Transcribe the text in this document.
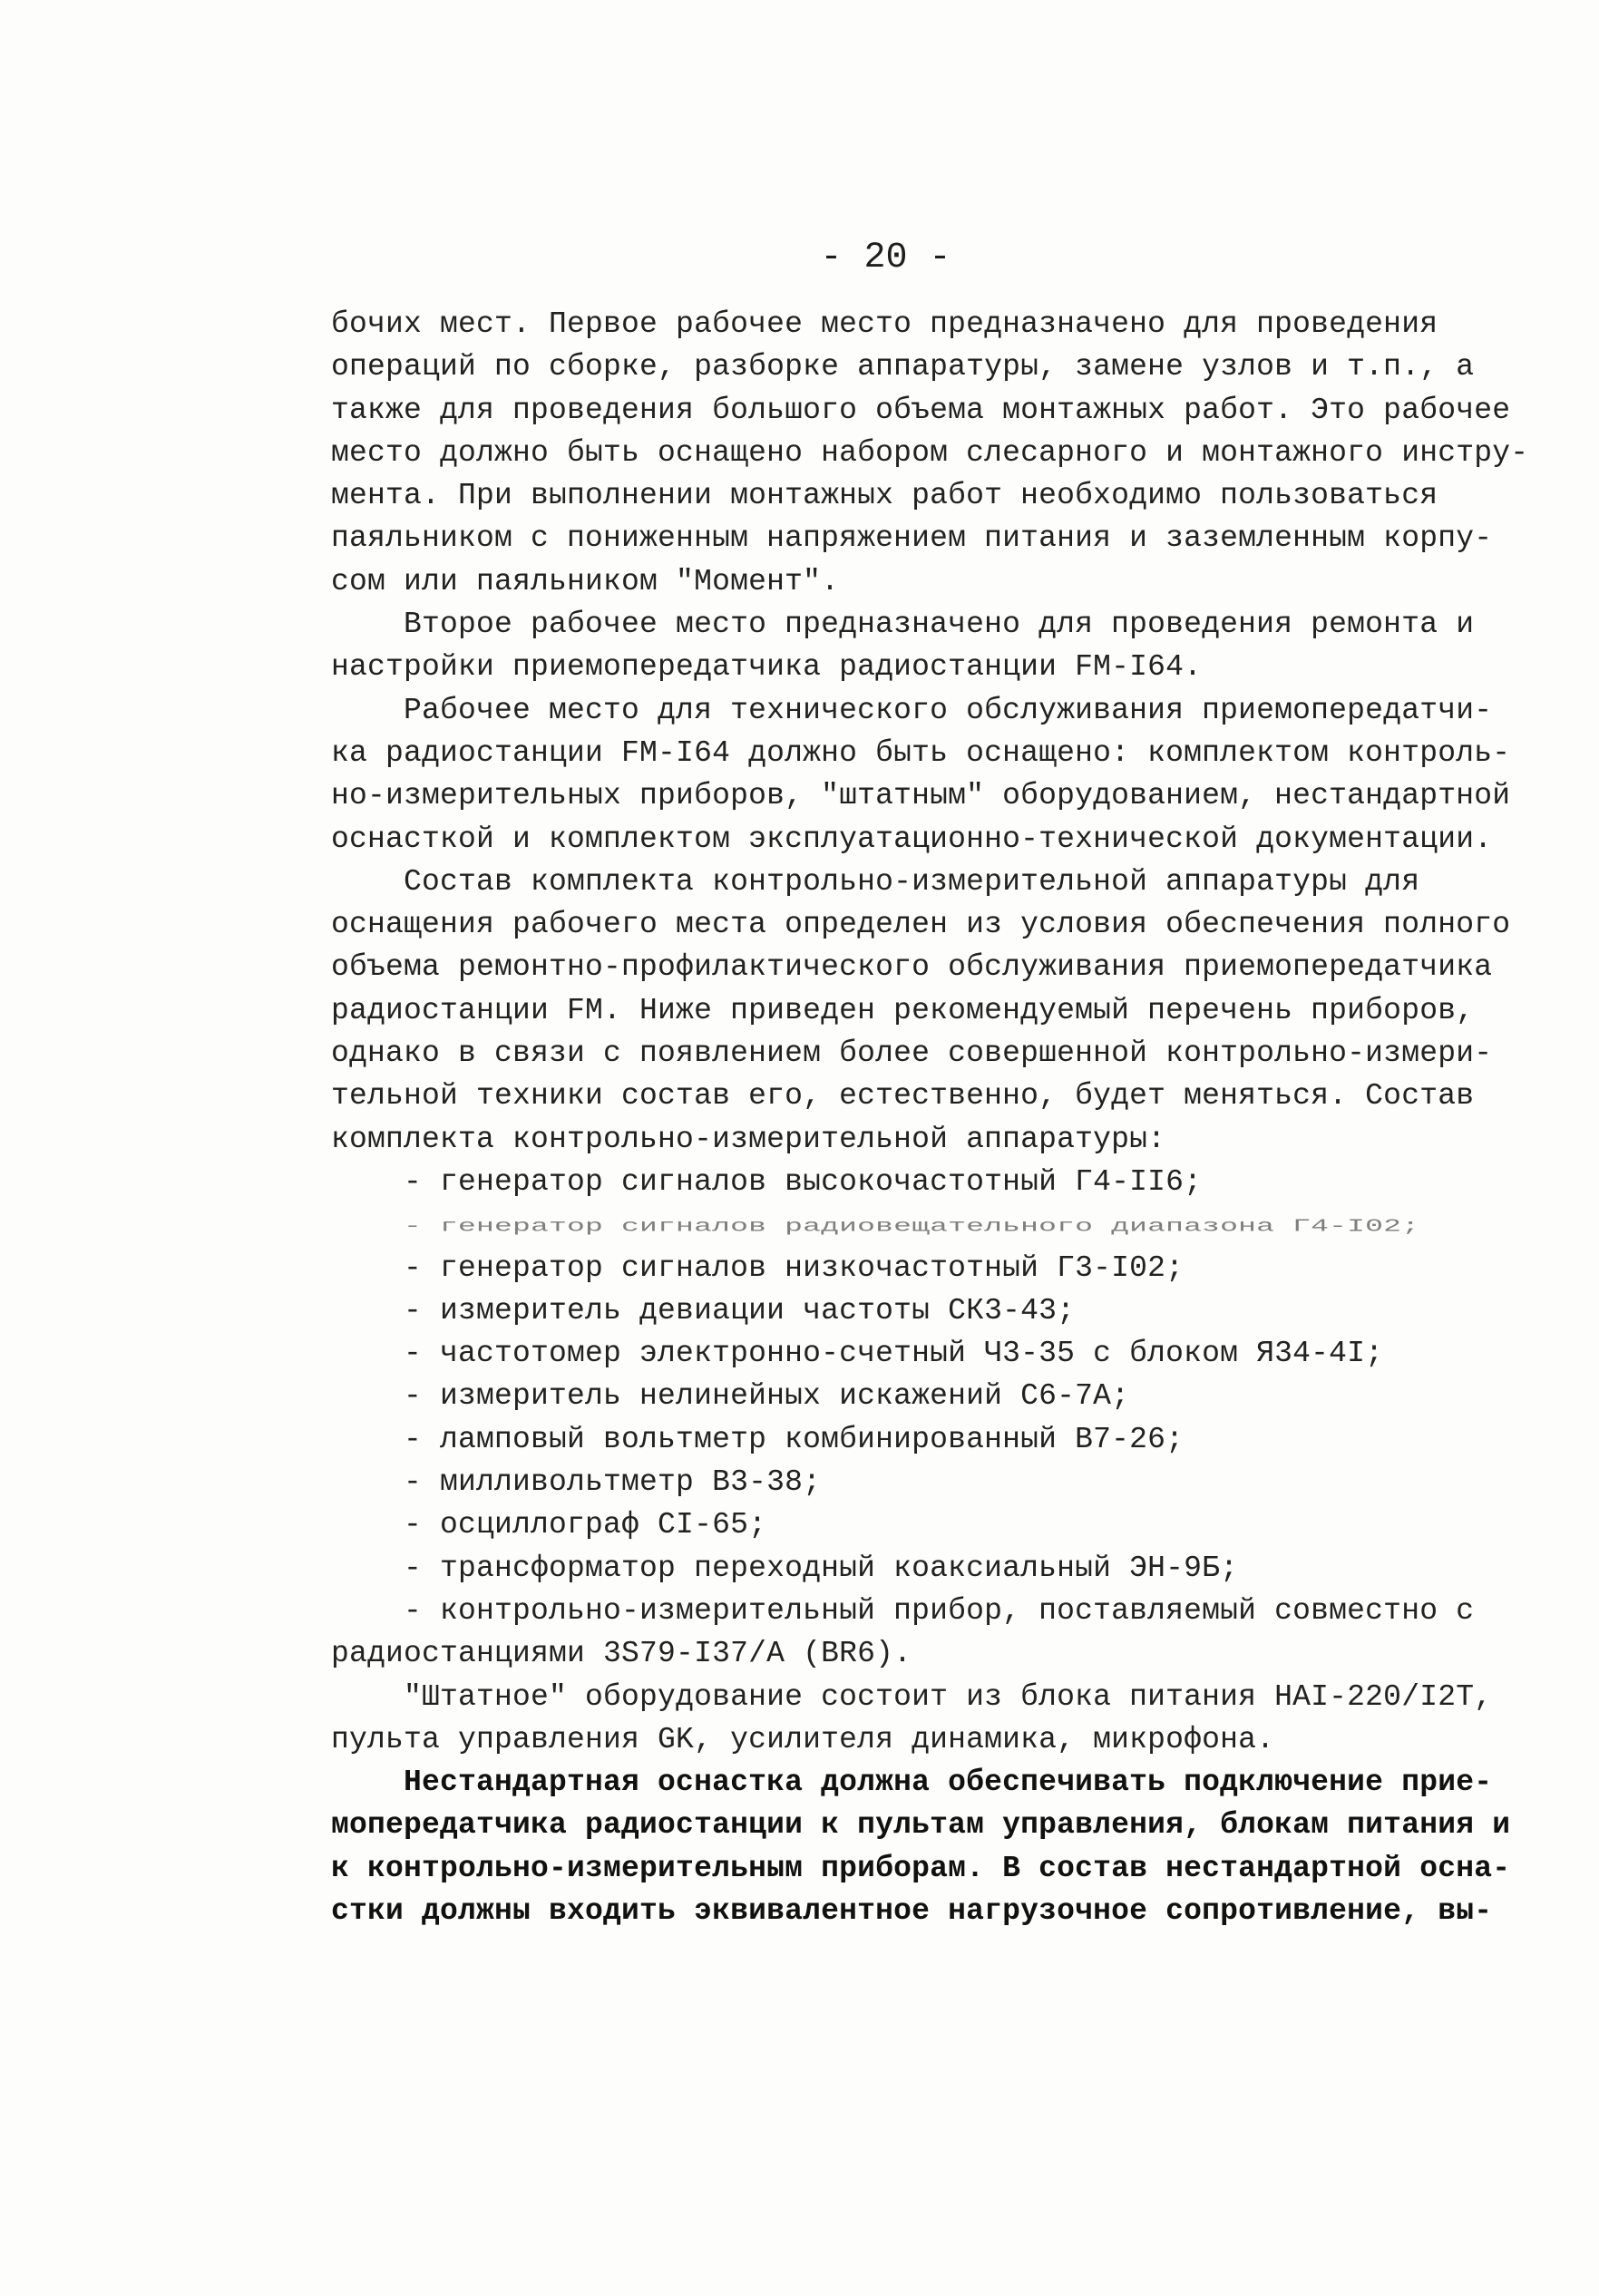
- 20 -
бочих мест. Первое рабочее место предназначено для проведения
операций по сборке, разборке аппаратуры, замене узлов и т.п., а
также для проведения большого объема монтажных работ. Это рабочее
место должно быть оснащено набором слесарного и монтажного инстру-
мента. При выполнении монтажных работ необходимо пользоваться
паяльником с пониженным напряжением питания и заземленным корпу-
сом или паяльником "Момент".
Второе рабочее место предназначено для проведения ремонта и
настройки приемопередатчика радиостанции FM-I64.
Рабочее место для технического обслуживания приемопередатчи-
ка радиостанции FM-I64 должно быть оснащено: комплектом контроль-
но-измерительных приборов, "штатным" оборудованием, нестандартной
оснасткой и комплектом эксплуатационно-технической документации.
Состав комплекта контрольно-измерительной аппаратуры для
оснащения рабочего места определен из условия обеспечения полного
объема ремонтно-профилактического обслуживания приемопередатчика
радиостанции FM. Ниже приведен рекомендуемый перечень приборов,
однако в связи с появлением более совершенной контрольно-измери-
тельной техники состав его, естественно, будет меняться. Состав
комплекта контрольно-измерительной аппаратуры:
- генератор сигналов высокочастотный Г4-II6;
- генератор сигналов радиовещательного диапазона Г4-I02;
- генератор сигналов низкочастотный Г3-I02;
- измеритель девиации частоты СК3-43;
- частотомер электронно-счетный Ч3-35 с блоком Я34-4I;
- измеритель нелинейных искажений С6-7А;
- ламповый вольтметр комбинированный В7-26;
- милливольтметр В3-38;
- осциллограф СI-65;
- трансформатор переходный коаксиальный ЭН-9Б;
- контрольно-измерительный прибор, поставляемый совместно с
радиостанциями 3S79-I37/A (BR6).
"Штатное" оборудование состоит из блока питания HAI-220/I2T,
пульта управления GK, усилителя динамика, микрофона.
Нестандартная оснастка должна обеспечивать подключение прие-
мопередатчика радиостанции к пультам управления, блокам питания и
к контрольно-измерительным приборам. В состав нестандартной осна-
стки должны входить эквивалентное нагрузочное сопротивление, вы-
